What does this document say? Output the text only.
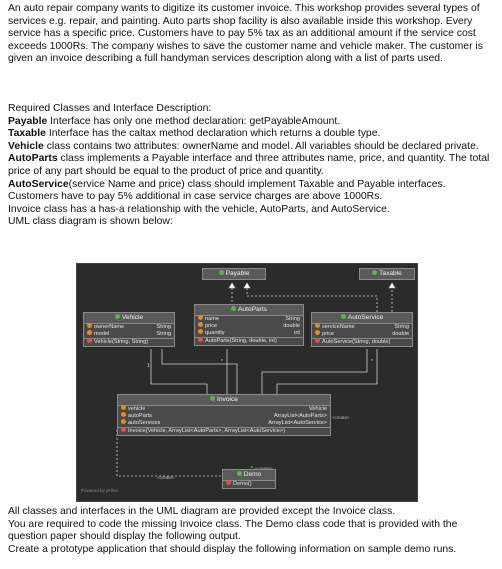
An auto repair company wants to digitize its customer invoice. This workshop provides several types of services e.g. repair, and painting. Auto parts shop facility is also available inside this workshop. Every service has a specific price. Customers have to pay 5% tax as an additional amount if the service cost exceeds 1000Rs. The company wishes to save the customer name and vehicle maker. The customer is given an invoice describing a full handyman services description along with a list of parts used.

Required Classes and Interface Description:

Payable Interface has only one method declaration: getPayableAmount.

Taxable Interface has the caltax method declaration which returns a double type.

Vehicle class contains two attributes: ownerName and model. All variables should be declared private.

AutoParts class implements a Payable interface and three attributes name, price, and quantity. The total price of any part should be equal to the product of price and quantity.

AutoService(service Name and price) class should implement Taxable and Payable interfaces. Customers have to pay 5% additional in case service charges are above 1000Rs.

Invoice class has a has-a relationship with the vehicle, AutoParts, and AutoService.

UML class diagram is shown below:

Payable	Taxable
Vehicle
ownerName	String
model	String
Vehicle(String, String)
AutoParts
name	String
price	double
quantity	int
AutoParts(String, double, int)
AutoService
serviceName	String
price	double
AutoService(String, double)
1
*	*
Invoice
vehicle	Vehicle
autoParts	ArrayList<AutoParts>
autoServices	ArrayList<AutoService>
Invoice(Vehicle, ArrayList<AutoParts>, ArrayList<AutoService>)
«create»
«create»	Demo
Demo()
Powered by yFiles

All classes and interfaces in the UML diagram are provided except the Invoice class.

You are required to code the missing Invoice class. The Demo class code that is provided with the question paper should display the following output.

Create a prototype application that should display the following information on sample demo runs.
